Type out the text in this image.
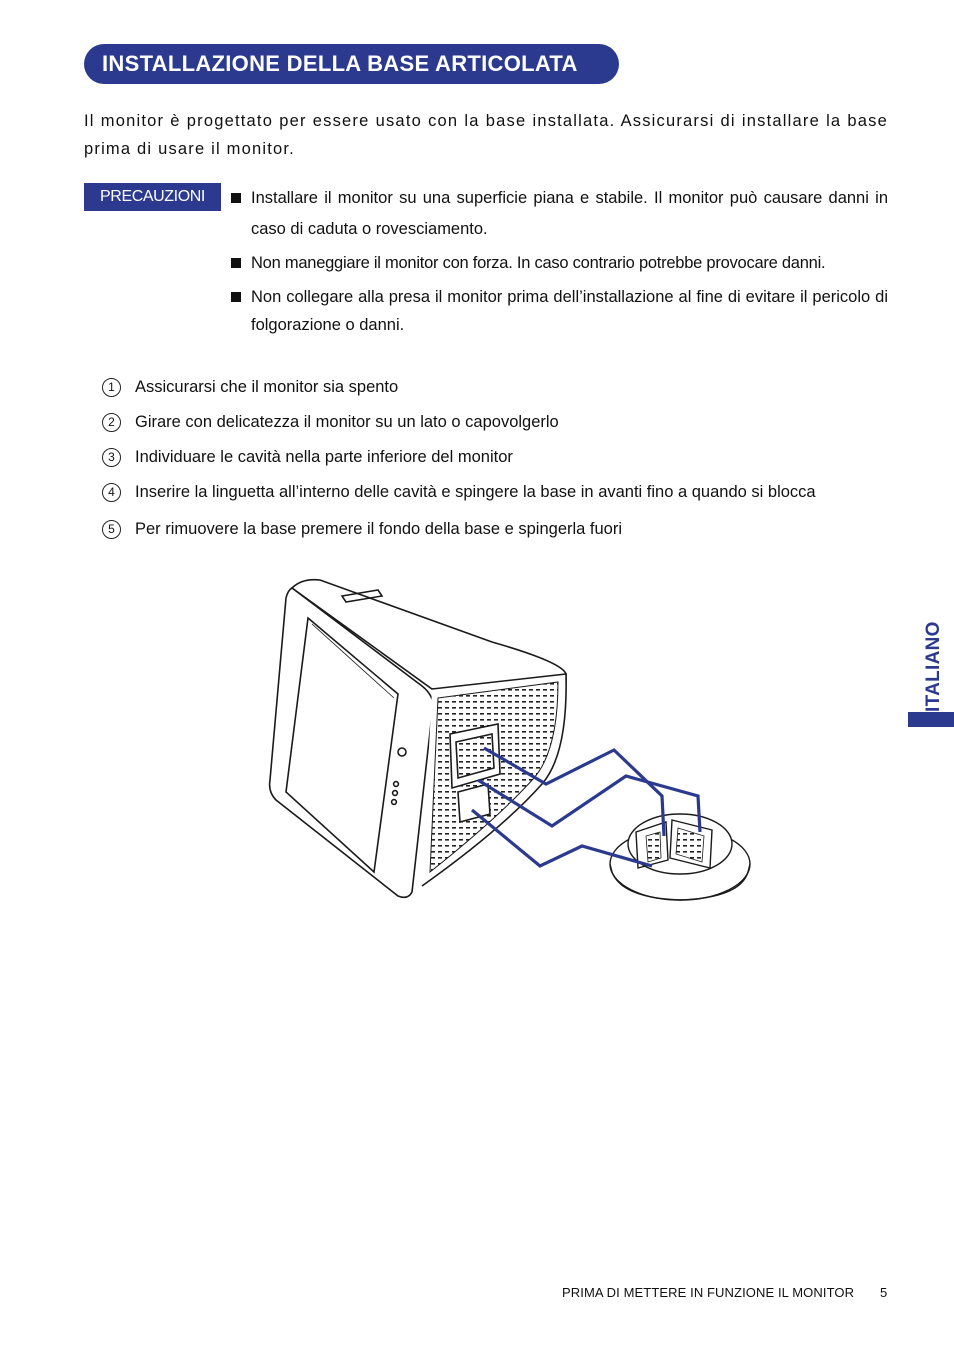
INSTALLAZIONE DELLA BASE ARTICOLATA

Il monitor è progettato per essere usato con la base installata. Assicurarsi di installare la base prima di usare il monitor.

PRECAUZIONI	Installare il monitor su una superficie piana e stabile. Il monitor può causare danni in caso di caduta o rovesciamento.
Non maneggiare il monitor con forza. In caso contrario potrebbe provocare danni.
Non collegare alla presa il monitor prima dell’installazione al fine di evitare il pericolo di folgorazione o danni.
1	Assicurarsi che il monitor sia spento
2	Girare con delicatezza il monitor su un lato o capovolgerlo
3	Individuare le cavità nella parte inferiore del monitor
4	Inserire la linguetta all’interno delle cavità e spingere la base in avanti fino a quando si blocca
5	Per rimuovere la base premere il fondo della base e spingerla fuori
ITALIANO
PRIMA DI METTERE IN FUNZIONE IL MONITOR 5
